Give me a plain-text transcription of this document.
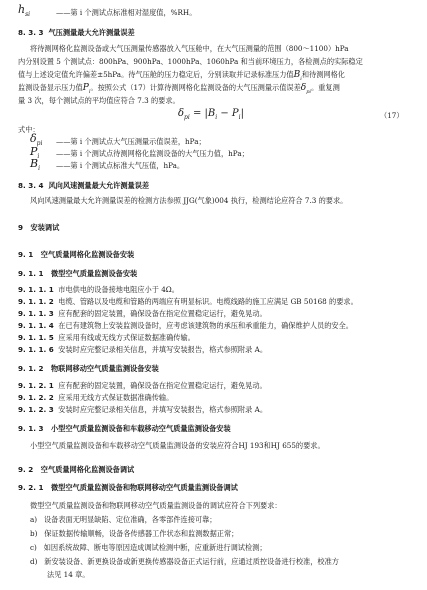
$h_{si}$	——第 i 个测试点标准相对湿度值，%RH。
8. 3. 3 气压测量最大允许测量误差
将待测网格化监测设备或大气压测量传感器放入气压舱中，在大气压测量的范围（800～1100）hPa
内分别设置 5 个测试点：800hPa、900hPa、1000hPa、1060hPa 和当前环境压力，各检测点的实际稳定
值与上述设定值允许偏差±5hPa。待气压舱的压力稳定后，分别读取并记录标准压力值$B_i$和待测网格化
监测设备显示压力值$P_i$。按照公式（17）计算待测网格化监测设备的大气压测量示值误差$\delta_{pi}$。重复测
量 3 次，每个测试点的平均值应符合 7.3 的要求。
$\delta_{pi} = |B_i - P_i|$	（17）
式中：
$\delta_{pi}$ ——第 i 个测试点大气压测量示值误差，hPa；
$P_i$ ——第 i 个测试点待测网格化监测设备的大气压力值，hPa；
$B_i$ ——第 i 个测试点标准大气压值，hPa。
8. 3. 4 风向风速测量最大允许测量误差
风向风速测量最大允许测量误差的检测方法参照 JJG(气象)004 执行，检测结论应符合 7.3 的要求。
9 安装调试
9. 1 空气质量网格化监测设备安装
9. 1. 1 微型空气质量监测设备安装
9. 1. 1. 1 市电供电的设备接地电阻应小于 4Ω。
9. 1. 1. 2 电缆、管路以及电缆和管路的两端应有明显标识。电缆线路的施工应满足 GB 50168 的要求。
9. 1. 1. 3 应有配套的固定装置，确保设备在指定位置稳定运行，避免晃动。
9. 1. 1. 4 在已有建筑物上安装监测设备时，应考虑该建筑物的承压和承重能力，确保维护人员的安全。
9. 1. 1. 5 应采用有线或无线方式保证数据准确传输。
9. 1. 1. 6 安装时应完整记录相关信息，并填写安装报告，格式参照附录 A。
9. 1. 2 物联网移动空气质量监测设备安装
9. 1. 2. 1 应有配套的固定装置，确保设备在指定位置稳定运行，避免晃动。
9. 1. 2. 2 应采用无线方式保证数据准确传输。
9. 1. 2. 3 安装时应完整记录相关信息，并填写安装报告，格式参照附录 A。
9. 1. 3 小型空气质量监测设备和车载移动空气质量监测设备安装
小型空气质量监测设备和车载移动空气质量监测设备的安装应符合HJ 193和HJ 655的要求。
9. 2 空气质量网格化监测设备调试
9. 2. 1 微型空气质量监测设备和物联网移动空气质量监测设备调试
微型空气质量监测设备和物联网移动空气质量监测设备的调试应符合下列要求：
a) 设备表面无明显缺陷、定位准确，各零部件连接可靠；
b) 保证数据传输顺畅，设备各传感器工作状态和监测数据正常；
c) 如因系统故障、断电等原因造成调试检测中断，应重新进行调试检测；
d) 新安装设备、新更换设备或新更换传感器设备正式运行前，应通过质控设备进行校准，校准方
法见 14 章。
